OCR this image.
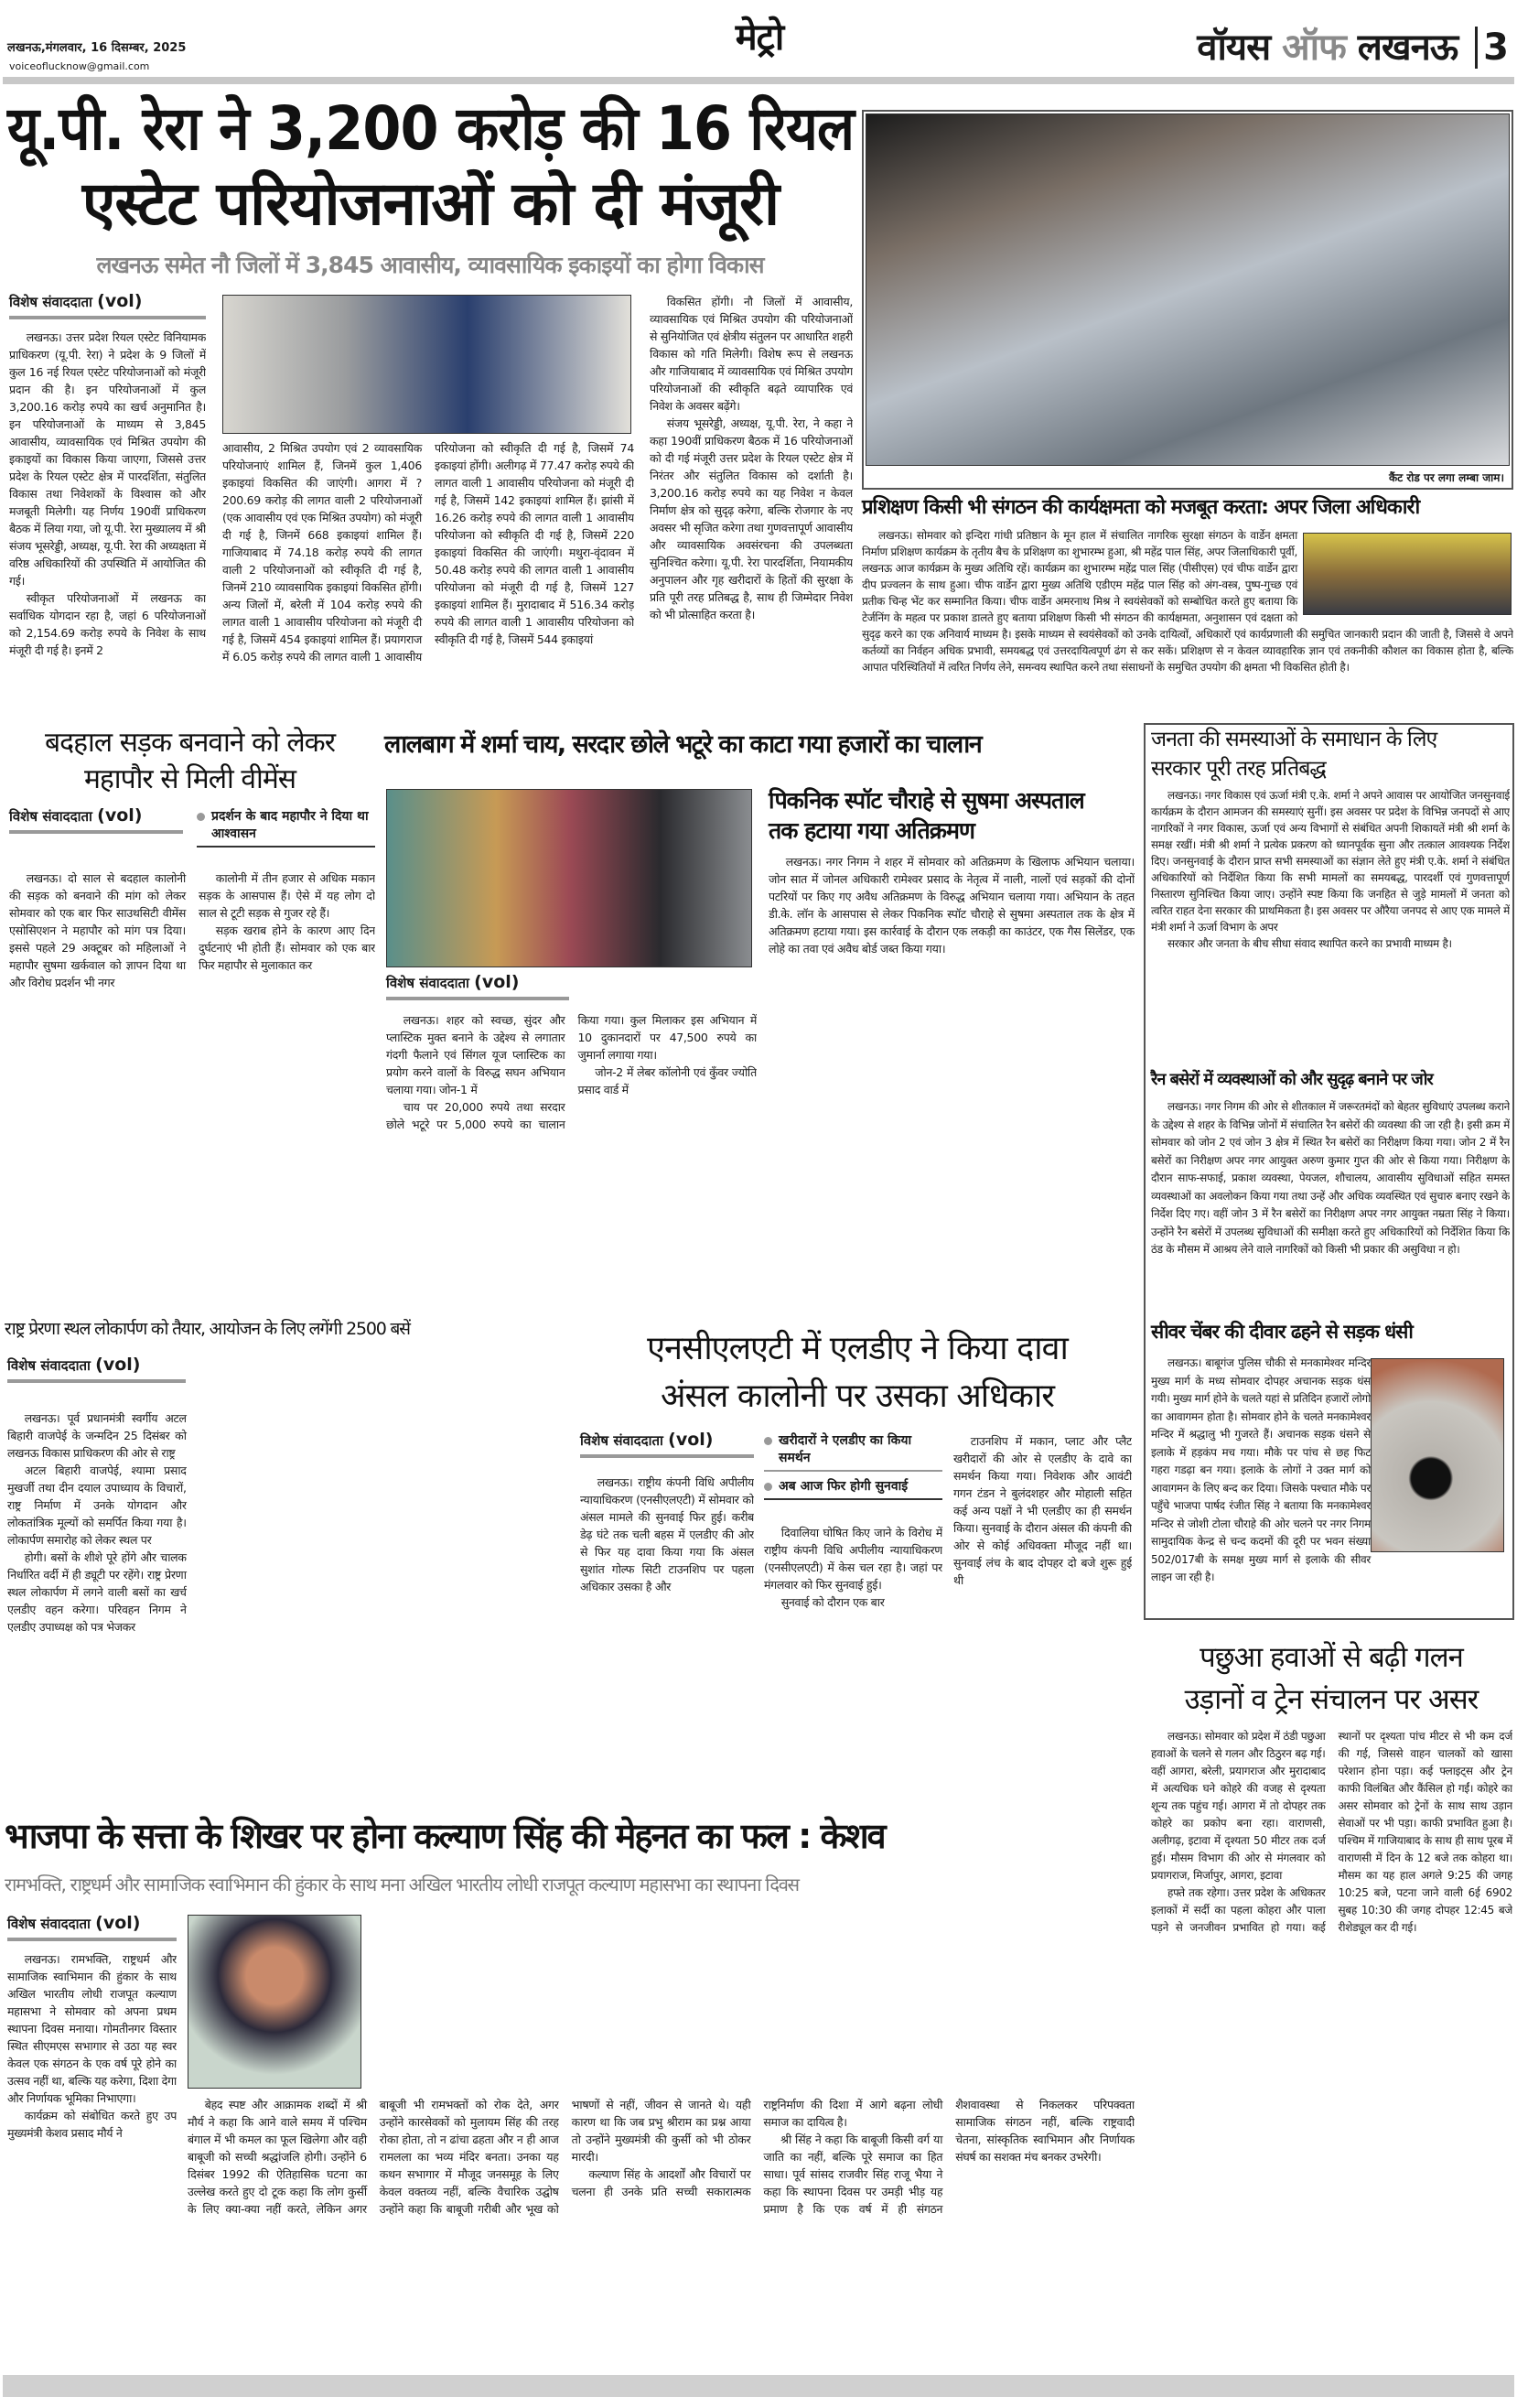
लखनऊ,मंगलवार, 16 दिसम्बर, 2025
voiceoflucknow@gmail.com
मेट्रो	वॉयस ऑफ लखनऊ 3
यू.पी. रेरा ने 3,200 करोड़ की 16 रियल
एस्टेट परियोजनाओं को दी मंजूरी
लखनऊ समेत नौ जिलों में 3,845 आवासीय, व्यावसायिक इकाइयों का होगा विकास
विशेष संवाददाता (vol)

लखनऊ। उत्तर प्रदेश रियल एस्टेट विनियामक प्राधिकरण (यू.पी. रेरा) ने प्रदेश के 9 जिलों में कुल 16 नई रियल एस्टेट परियोजनाओं को मंजूरी प्रदान की है। इन परियोजनाओं में कुल 3,200.16 करोड़ रुपये का खर्च अनुमानित है। इन परियोजनाओं के माध्यम से 3,845 आवासीय, व्यावसायिक एवं मिश्रित उपयोग की इकाइयों का विकास किया जाएगा, जिससे उत्तर प्रदेश के रियल एस्टेट क्षेत्र में पारदर्शिता, संतुलित विकास तथा निवेशकों के विश्वास को और मजबूती मिलेगी। यह निर्णय 190वीं प्राधिकरण बैठक में लिया गया, जो यू.पी. रेरा मुख्यालय में श्री संजय भूसरेड्डी, अध्यक्ष, यू.पी. रेरा की अध्यक्षता में वरिष्ठ अधिकारियों की उपस्थिति में आयोजित की गई।

स्वीकृत परियोजनाओं में लखनऊ का सर्वाधिक योगदान रहा है, जहां 6 परियोजनाओं को 2,154.69 करोड़ रुपये के निवेश के साथ मंजूरी दी गई है। इनमें 2

आवासीय, 2 मिश्रित उपयोग एवं 2 व्यावसायिक परियोजनाएं शामिल हैं, जिनमें कुल 1,406 इकाइयां विकसित की जाएंगी। आगरा में ?200.69 करोड़ की लागत वाली 2 परियोजनाओं (एक आवासीय एवं एक मिश्रित उपयोग) को मंजूरी दी गई है, जिनमें 668 इकाइयां शामिल हैं। गाजियाबाद में 74.18 करोड़ रुपये की लागत वाली 2 परियोजनाओं को स्वीकृति दी गई है, जिनमें 210 व्यावसायिक इकाइयां विकसित होंगी। अन्य जिलों में, बरेली में 104 करोड़ रुपये की लागत वाली 1 आवासीय परियोजना को मंजूरी दी गई है, जिसमें 454 इकाइयां शामिल हैं। प्रयागराज में 6.05 करोड़ रुपये की लागत वाली 1 आवासीय परियोजना को स्वीकृति दी गई है, जिसमें 74 इकाइयां होंगी। अलीगढ़ में 77.47 करोड़ रुपये की लागत वाली 1 आवासीय परियोजना को मंजूरी दी गई है, जिसमें 142 इकाइयां शामिल हैं। झांसी में 16.26 करोड़ रुपये की लागत वाली 1 आवासीय परियोजना को स्वीकृति दी गई है, जिसमें 220 इकाइयां विकसित की जाएंगी। मथुरा-वृंदावन में 50.48 करोड़ रुपये की लागत वाली 1 आवासीय परियोजना को मंजूरी दी गई है, जिसमें 127 इकाइयां शामिल हैं। मुरादाबाद में 516.34 करोड़ रुपये की लागत वाली 1 आवासीय परियोजना को स्वीकृति दी गई है, जिसमें 544 इकाइयां

विकसित होंगी। नौ जिलों में आवासीय, व्यावसायिक एवं मिश्रित उपयोग की परियोजनाओं से सुनियोजित एवं क्षेत्रीय संतुलन पर आधारित शहरी विकास को गति मिलेगी। विशेष रूप से लखनऊ और गाजियाबाद में व्यावसायिक एवं मिश्रित उपयोग परियोजनाओं की स्वीकृति बढ़ते व्यापारिक एवं निवेश के अवसर बढ़ेंगे।

संजय भूसरेड्डी, अध्यक्ष, यू.पी. रेरा, ने कहा ने कहा 190वीं प्राधिकरण बैठक में 16 परियोजनाओं को दी गई मंजूरी उत्तर प्रदेश के रियल एस्टेट क्षेत्र में निरंतर और संतुलित विकास को दर्शाती है। 3,200.16 करोड़ रुपये का यह निवेश न केवल निर्माण क्षेत्र को सुदृढ़ करेगा, बल्कि रोजगार के नए अवसर भी सृजित करेगा तथा गुणवत्तापूर्ण आवासीय और व्यावसायिक अवसंरचना की उपलब्धता सुनिश्चित करेगा। यू.पी. रेरा पारदर्शिता, नियामकीय अनुपालन और गृह खरीदारों के हितों की सुरक्षा के प्रति पूरी तरह प्रतिबद्ध है, साथ ही जिम्मेदार निवेश को भी प्रोत्साहित करता है।

कैंट रोड पर लगा लम्बा जाम।
प्रशिक्षण किसी भी संगठन की कार्यक्षमता को मजबूत करता: अपर जिला अधिकारी

लखनऊ। सोमवार को इन्दिरा गांधी प्रतिष्ठान के मून हाल में संचालित नागरिक सुरक्षा संगठन के वार्डेन क्षमता निर्माण प्रशिक्षण कार्यक्रम के तृतीय बैच के प्रशिक्षण का शुभारम्भ हुआ, श्री महेंद्र पाल सिंह, अपर जिलाधिकारी पूर्वी, लखनऊ आज कार्यक्रम के मुख्य अतिथि रहें। कार्यक्रम का शुभारम्भ महेंद्र पाल सिंह (पीसीएस) एवं चीफ वार्डेन द्वारा दीप प्रज्वलन के साथ हुआ। चीफ वार्डेन द्वारा मुख्य अतिथि एडीएम महेंद्र पाल सिंह को अंग-वस्त्र, पुष्प-गुच्छ एवं प्रतीक चिन्ह भेंट कर सम्मानित किया। चीफ वार्डेन अमरनाथ मिश्र ने स्वयंसेवकों को सम्बोधित करते हुए बताया कि टेर्जनिंग के महत्व पर प्रकाश डालते हुए बताया प्रशिक्षण किसी भी संगठन की कार्यक्षमता, अनुशासन एवं दक्षता को सुदृढ़ करने का एक अनिवार्य माध्यम है। इसके माध्यम से स्वयंसेवकों को उनके दायित्वों, अधिकारों एवं कार्यप्रणाली की समुचित जानकारी प्रदान की जाती है, जिससे वे अपने कर्तव्यों का निर्वहन अधिक प्रभावी, समयबद्ध एवं उत्तरदायित्वपूर्ण ढंग से कर सकें। प्रशिक्षण से न केवल व्यावहारिक ज्ञान एवं तकनीकी कौशल का विकास होता है, बल्कि आपात परिस्थितियों में त्वरित निर्णय लेने, समन्वय स्थापित करने तथा संसाधनों के समुचित उपयोग की क्षमता भी विकसित होती है।

बदहाल सड़क बनवाने को लेकर
महापौर से मिली वीमेंस
विशेष संवाददाता (vol)	प्रदर्शन के बाद महापौर ने दिया था आश्वासन

लखनऊ। दो साल से बदहाल कालोनी की सड़क को बनवाने की मांग को लेकर सोमवार को एक बार फिर साउथसिटी वीमेंस एसोसिएशन ने महापौर को मांग पत्र दिया। इससे पहले 29 अक्टूबर को महिलाओं ने महापौर सुषमा खर्कवाल को ज्ञापन दिया था और विरोध प्रदर्शन भी नगर

कालोनी में तीन हजार से अधिक मकान सड़क के आसपास हैं। ऐसे में यह लोग दो साल से टूटी सड़क से गुजर रहे हैं।

सड़क खराब होने के कारण आए दिन दुर्घटनाएं भी होती हैं। सोमवार को एक बार फिर महापौर से मुलाकात कर

लालबाग में शर्मा चाय, सरदार छोले भटूरे का काटा गया हजारों का चालान
विशेष संवाददाता (vol)

लखनऊ। शहर को स्वच्छ, सुंदर और प्लास्टिक मुक्त बनाने के उद्देश्य से लगातार गंदगी फैलाने एवं सिंगल यूज प्लास्टिक का प्रयोग करने वालों के विरुद्ध सघन अभियान चलाया गया। जोन-1 में

चाय पर 20,000 रुपये तथा सरदार छोले भटूरे पर 5,000 रुपये का चालान किया गया। कुल मिलाकर इस अभियान में 10 दुकानदारों पर 47,500 रुपये का जुमार्ना लगाया गया।

जोन-2 में लेबर कॉलोनी एवं कुँवर ज्योति प्रसाद वार्ड में

पिकनिक स्पॉट चौराहे से सुषमा अस्पताल
तक हटाया गया अतिक्रमण

लखनऊ। नगर निगम ने शहर में सोमवार को अतिक्रमण के खिलाफ अभियान चलाया। जोन सात में जोनल अधिकारी रामेश्वर प्रसाद के नेतृत्व में नाली, नालों एवं सड़कों की दोनों पटरियों पर किए गए अवैध अतिक्रमण के विरुद्ध अभियान चलाया गया। अभियान के तहत डी.के. लॉन के आसपास से लेकर पिकनिक स्पॉट चौराहे से सुषमा अस्पताल तक के क्षेत्र में अतिक्रमण हटाया गया। इस कार्रवाई के दौरान एक लकड़ी का काउंटर, एक गैस सिलेंडर, एक लोहे का तवा एवं अवैध बोर्ड जब्त किया गया।

जनता की समस्याओं के समाधान के लिए
सरकार पूरी तरह प्रतिबद्ध

लखनऊ। नगर विकास एवं ऊर्जा मंत्री ए.के. शर्मा ने अपने आवास पर आयोजित जनसुनवाई कार्यक्रम के दौरान आमजन की समस्याएं सुनीं। इस अवसर पर प्रदेश के विभिन्न जनपदों से आए नागरिकों ने नगर विकास, ऊर्जा एवं अन्य विभागों से संबंधित अपनी शिकायतें मंत्री श्री शर्मा के समक्ष रखीं। मंत्री श्री शर्मा ने प्रत्येक प्रकरण को ध्यानपूर्वक सुना और तत्काल आवश्यक निर्देश दिए। जनसुनवाई के दौरान प्राप्त सभी समस्याओं का संज्ञान लेते हुए मंत्री ए.के. शर्मा ने संबंधित अधिकारियों को निर्देशित किया कि सभी मामलों का समयबद्ध, पारदर्शी एवं गुणवत्तापूर्ण निस्तारण सुनिश्चित किया जाए। उन्होंने स्पष्ट किया कि जनहित से जुड़े मामलों में जनता को त्वरित राहत देना सरकार की प्राथमिकता है। इस अवसर पर औरैया जनपद से आए एक मामले में मंत्री शर्मा ने ऊर्जा विभाग के अपर

सरकार और जनता के बीच सीधा संवाद स्थापित करने का प्रभावी माध्यम है।

रैन बसेरों में व्यवस्थाओं को और सुदृढ़ बनाने पर जोर

लखनऊ। नगर निगम की ओर से शीतकाल में जरूरतमंदों को बेहतर सुविधाएं उपलब्ध कराने के उद्देश्य से शहर के विभिन्न जोनों में संचालित रैन बसेरों की व्यवस्था की जा रही है। इसी क्रम में सोमवार को जोन 2 एवं जोन 3 क्षेत्र में स्थित रैन बसेरों का निरीक्षण किया गया। जोन 2 में रैन बसेरों का निरीक्षण अपर नगर आयुक्त अरुण कुमार गुप्त की ओर से किया गया। निरीक्षण के दौरान साफ-सफाई, प्रकाश व्यवस्था, पेयजल, शौचालय, आवासीय सुविधाओं सहित समस्त व्यवस्थाओं का अवलोकन किया गया तथा उन्हें और अधिक व्यवस्थित एवं सुचारु बनाए रखने के निर्देश दिए गए। वहीं जोन 3 में रैन बसेरों का निरीक्षण अपर नगर आयुक्त नम्रता सिंह ने किया। उन्होंने रैन बसेरों में उपलब्ध सुविधाओं की समीक्षा करते हुए अधिकारियों को निर्देशित किया कि ठंड के मौसम में आश्रय लेने वाले नागरिकों को किसी भी प्रकार की असुविधा न हो।

सीवर चेंबर की दीवार ढहने से सड़क धंसी

लखनऊ। बाबूगंज पुलिस चौकी से मनकामेश्वर मन्दिर मुख्य मार्ग के मध्य सोमवार दोपहर अचानक सड़क धंस गयी। मुख्य मार्ग होने के चलते यहां से प्रतिदिन हजारों लोगो का आवागमन होता है। सोमवार होने के चलते मनकामेश्वर मन्दिर में श्रद्धालु भी गुजरते हैं। अचानक सड़क धंसने से इलाके में हड़कंप मच गया। मौके पर पांच से छह फिट गहरा गडढ़ा बन गया। इलाके के लोगों ने उक्त मार्ग को आवागमन के लिए बन्द कर दिया। जिसके पश्चात मौके पर पहुँचे भाजपा पार्षद रंजीत सिंह ने बताया कि मनकामेश्वर मन्दिर से जोशी टोला चौराहे की ओर चलने पर नगर निगम सामुदायिक केन्द्र से चन्द कदमों की दूरी पर भवन संख्या 502/017बी के समक्ष मुख्य मार्ग से इलाके की सीवर लाइन जा रही है।

राष्ट्र प्रेरणा स्थल लोकार्पण को तैयार, आयोजन के लिए लगेंगी 2500 बसें
विशेष संवाददाता (vol)

लखनऊ। पूर्व प्रधानमंत्री स्वर्गीय अटल बिहारी वाजपेई के जन्मदिन 25 दिसंबर को लखनऊ विकास प्राधिकरण की ओर से राष्ट्र

अटल बिहारी वाजपेई, श्यामा प्रसाद मुखर्जी तथा दीन दयाल उपाध्याय के विचारों, राष्ट्र निर्माण में उनके योगदान और लोकतांत्रिक मूल्यों को समर्पित किया गया है। लोकार्पण समारोह को लेकर स्थल पर

होगी। बसों के शीशे पूरे होंगे और चालक निर्धारित वर्दी में ही ड्यूटी पर रहेंगे। राष्ट्र प्रेरणा स्थल लोकार्पण में लगने वाली बसों का खर्च एलडीए वहन करेगा। परिवहन निगम ने एलडीए उपाध्यक्ष को पत्र भेजकर

एनसीएलएटी में एलडीए ने किया दावा
अंसल कालोनी पर उसका अधिकार
विशेष संवाददाता (vol)	खरीदारों ने एलडीए का किया समर्थन
अब आज फिर होगी सुनवाई

लखनऊ। राष्ट्रीय कंपनी विधि अपीलीय न्यायाधिकरण (एनसीएलएटी) में सोमवार को अंसल मामले की सुनवाई फिर हुई। करीब डेढ़ घंटे तक चली बहस में एलडीए की ओर से फिर यह दावा किया गया कि अंसल सुशांत गोल्फ सिटी टाउनशिप पर पहला अधिकार उसका है और

दिवालिया घोषित किए जाने के विरोध में राष्ट्रीय कंपनी विधि अपीलीय न्यायाधिकरण (एनसीएलएटी) में केस चल रहा है। जहां पर मंगलवार को फिर सुनवाई हुई।

सुनवाई को दौरान एक बार

टाउनशिप में मकान, प्लाट और प्लैट खरीदारों की ओर से एलडीए के दावे का समर्थन किया गया। निवेशक और आवंटी गगन टंडन ने बुलंदशहर और मोहाली सहित कई अन्य पक्षों ने भी एलडीए का ही समर्थन किया। सुनवाई के दौरान अंसल की कंपनी की ओर से कोई अधिवक्ता मौजूद नहीं था। सुनवाई लंच के बाद दोपहर दो बजे शुरू हुई थी

पछुआ हवाओं से बढ़ी गलन
उड़ानों व ट्रेन संचालन पर असर

लखनऊ। सोमवार को प्रदेश में ठंडी पछुआ हवाओं के चलने से गलन और ठिठुरन बढ़ गई। वहीं आगरा, बरेली, प्रयागराज और मुरादाबाद में अत्यधिक घने कोहरे की वजह से दृश्यता शून्य तक पहुंच गई। आगरा में तो दोपहर तक कोहरे का प्रकोप बना रहा। वाराणसी, अलीगढ़, इटावा में दृश्यता 50 मीटर तक दर्ज हुई। मौसम विभाग की ओर से मंगलवार को प्रयागराज, मिर्जापुर, आगरा, इटावा

हफ्ते तक रहेगा। उत्तर प्रदेश के अधिकतर इलाकों में सर्दी का पहला कोहरा और पाला पड़ने से जनजीवन प्रभावित हो गया। कई स्थानों पर दृश्यता पांच मीटर से भी कम दर्ज की गई, जिससे वाहन चालकों को खासा परेशान होना पड़ा। कई फ्लाइट्स और ट्रेन काफी विलंबित और कैंसिल हो गईं। कोहरे का असर सोमवार को ट्रेनों के साथ साथ उड़ान सेवाओं पर भी पड़ा। काफी प्रभावित हुआ है। पश्चिम में गाजियाबाद के साथ ही साथ पूरब में वाराणसी में दिन के 12 बजे तक कोहरा था। मौसम का यह हाल अगले 9:25 की जगह 10:25 बजे, पटना जाने वाली 6ई 6902 सुबह 10:30 की जगह दोपहर 12:45 बजे रीशेड्यूल कर दी गई।

भाजपा के सत्ता के शिखर पर होना कल्याण सिंह की मेहनत का फल : केशव
रामभक्ति, राष्ट्रधर्म और सामाजिक स्वाभिमान की हुंकार के साथ मना अखिल भारतीय लोधी राजपूत कल्याण महासभा का स्थापना दिवस
विशेष संवाददाता (vol)

लखनऊ। रामभक्ति, राष्ट्रधर्म और सामाजिक स्वाभिमान की हुंकार के साथ अखिल भारतीय लोधी राजपूत कल्याण महासभा ने सोमवार को अपना प्रथम स्थापना दिवस मनाया। गोमतीनगर विस्तार स्थित सीएमएस सभागार से उठा यह स्वर केवल एक संगठन के एक वर्ष पूरे होने का उत्सव नहीं था, बल्कि यह करेगा, दिशा देगा और निर्णायक भूमिका निभाएगा।

कार्यक्रम को संबोधित करते हुए उप मुख्यमंत्री केशव प्रसाद मौर्य ने

बेहद स्पष्ट और आक्रामक शब्दों में श्री मौर्य ने कहा कि आने वाले समय में पश्चिम बंगाल में भी कमल का फूल खिलेगा और वही बाबूजी को सच्ची श्रद्धांजलि होगी। उन्होंने 6 दिसंबर 1992 की ऐतिहासिक घटना का उल्लेख करते हुए दो टूक कहा कि लोग कुर्सी के लिए क्या-क्या नहीं करते, लेकिन अगर बाबूजी भी रामभक्तों को रोक देते, अगर उन्होंने कारसेवकों को मुलायम सिंह की तरह रोका होता, तो न ढांचा ढहता और न ही आज रामलला का भव्य मंदिर बनता। उनका यह कथन सभागार में मौजूद जनसमूह के लिए केवल वक्तव्य नहीं, बल्कि वैचारिक उद्घोष उन्होंने कहा कि बाबूजी गरीबी और भूख को भाषणों से नहीं, जीवन से जानते थे। यही कारण था कि जब प्रभु श्रीराम का प्रश्न आया तो उन्होंने मुख्यमंत्री की कुर्सी को भी ठोकर मारदी।

कल्याण सिंह के आदर्शों और विचारों पर चलना ही उनके प्रति सच्ची सकारात्मक राष्ट्रनिर्माण की दिशा में आगे बढ़ना लोधी समाज का दायित्व है।

श्री सिंह ने कहा कि बाबूजी किसी वर्ग या जाति का नहीं, बल्कि पूरे समाज का हित साधा। पूर्व सांसद राजवीर सिंह राजू भैया ने कहा कि स्थापना दिवस पर उमड़ी भीड़ यह प्रमाण है कि एक वर्ष में ही संगठन शैशवावस्था से निकलकर परिपक्वता सामाजिक संगठन नहीं, बल्कि राष्ट्रवादी चेतना, सांस्कृतिक स्वाभिमान और निर्णायक संघर्ष का सशक्त मंच बनकर उभरेगी।
